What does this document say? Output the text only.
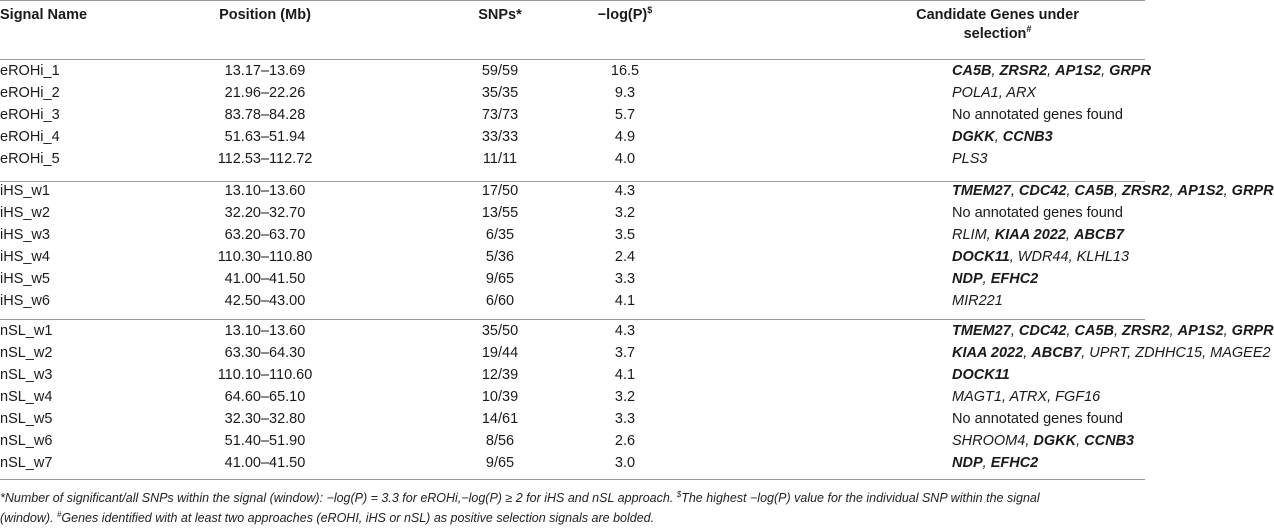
Signal Name	Position (Mb)	SNPs*	−log(P)$	Candidate Genes under
selection#
eROHi_1	13.17–13.69	59/59	16.5	CA5B, ZRSR2, AP1S2, GRPR
eROHi_2	21.96–22.26	35/35	9.3	POLA1, ARX
eROHi_3	83.78–84.28	73/73	5.7	No annotated genes found
eROHi_4	51.63–51.94	33/33	4.9	DGKK, CCNB3
eROHi_5	112.53–112.72	11/11	4.0	PLS3
iHS_w1	13.10–13.60	17/50	4.3	TMEM27, CDC42, CA5B, ZRSR2, AP1S2, GRPR
iHS_w2	32.20–32.70	13/55	3.2	No annotated genes found
iHS_w3	63.20–63.70	6/35	3.5	RLIM, KIAA 2022, ABCB7
iHS_w4	110.30–110.80	5/36	2.4	DOCK11, WDR44, KLHL13
iHS_w5	41.00–41.50	9/65	3.3	NDP, EFHC2
iHS_w6	42.50–43.00	6/60	4.1	MIR221
nSL_w1	13.10–13.60	35/50	4.3	TMEM27, CDC42, CA5B, ZRSR2, AP1S2, GRPR
nSL_w2	63.30–64.30	19/44	3.7	KIAA 2022, ABCB7, UPRT, ZDHHC15, MAGEE2
nSL_w3	110.10–110.60	12/39	4.1	DOCK11
nSL_w4	64.60–65.10	10/39	3.2	MAGT1, ATRX, FGF16
nSL_w5	32.30–32.80	14/61	3.3	No annotated genes found
nSL_w6	51.40–51.90	8/56	2.6	SHROOM4, DGKK, CCNB3
nSL_w7	41.00–41.50	9/65	3.0	NDP, EFHC2
*Number of significant/all SNPs within the signal (window): −log(P) = 3.3 for eROHi,−log(P) ≥ 2 for iHS and nSL approach. $The highest −log(P) value for the individual SNP within the signal
(window). #Genes identified with at least two approaches (eROHI, iHS or nSL) as positive selection signals are bolded.
